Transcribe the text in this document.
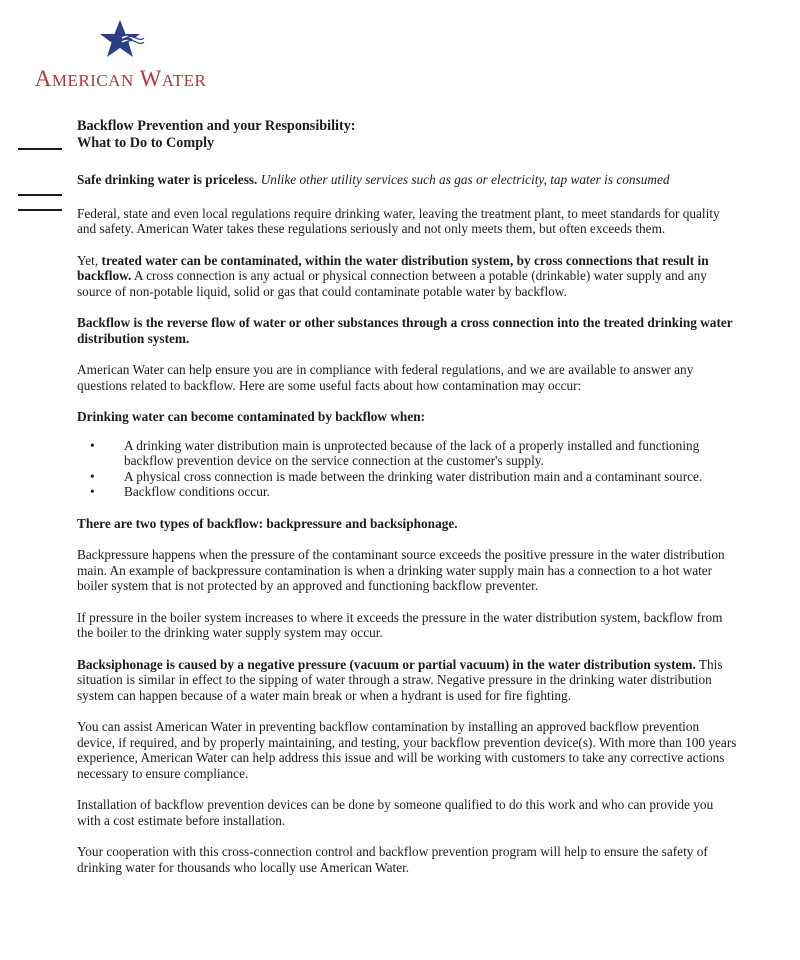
AMERICAN WATER

Backflow Prevention and your Responsibility:

What to Do to Comply

Safe drinking water is priceless. Unlike other utility services such as gas or electricity, tap water is consumed

Federal, state and even local regulations require drinking water, leaving the treatment plant, to meet standards for quality and safety. American Water takes these regulations seriously and not only meets them, but often exceeds them.

Yet, treated water can be contaminated, within the water distribution system, by cross connections that result in backflow. A cross connection is any actual or physical connection between a potable (drinkable) water supply and any source of non-potable liquid, solid or gas that could contaminate potable water by backflow.

Backflow is the reverse flow of water or other substances through a cross connection into the treated drinking water distribution system.

American Water can help ensure you are in compliance with federal regulations, and we are available to answer any questions related to backflow. Here are some useful facts about how contamination may occur:

Drinking water can become contaminated by backflow when:

• A drinking water distribution main is unprotected because of the lack of a properly installed and functioning backflow prevention device on the service connection at the customer's supply.
• A physical cross connection is made between the drinking water distribution main and a contaminant source.
• Backflow conditions occur.

There are two types of backflow: backpressure and backsiphonage.

Backpressure happens when the pressure of the contaminant source exceeds the positive pressure in the water distribution main. An example of backpressure contamination is when a drinking water supply main has a connection to a hot water boiler system that is not protected by an approved and functioning backflow preventer.

If pressure in the boiler system increases to where it exceeds the pressure in the water distribution system, backflow from the boiler to the drinking water supply system may occur.

Backsiphonage is caused by a negative pressure (vacuum or partial vacuum) in the water distribution system. This situation is similar in effect to the sipping of water through a straw. Negative pressure in the drinking water distribution system can happen because of a water main break or when a hydrant is used for fire fighting.

You can assist American Water in preventing backflow contamination by installing an approved backflow prevention device, if required, and by properly maintaining, and testing, your backflow prevention device(s). With more than 100 years experience, American Water can help address this issue and will be working with customers to take any corrective actions necessary to ensure compliance.

Installation of backflow prevention devices can be done by someone qualified to do this work and who can provide you with a cost estimate before installation.

Your cooperation with this cross-connection control and backflow prevention program will help to ensure the safety of drinking water for thousands who locally use American Water.
